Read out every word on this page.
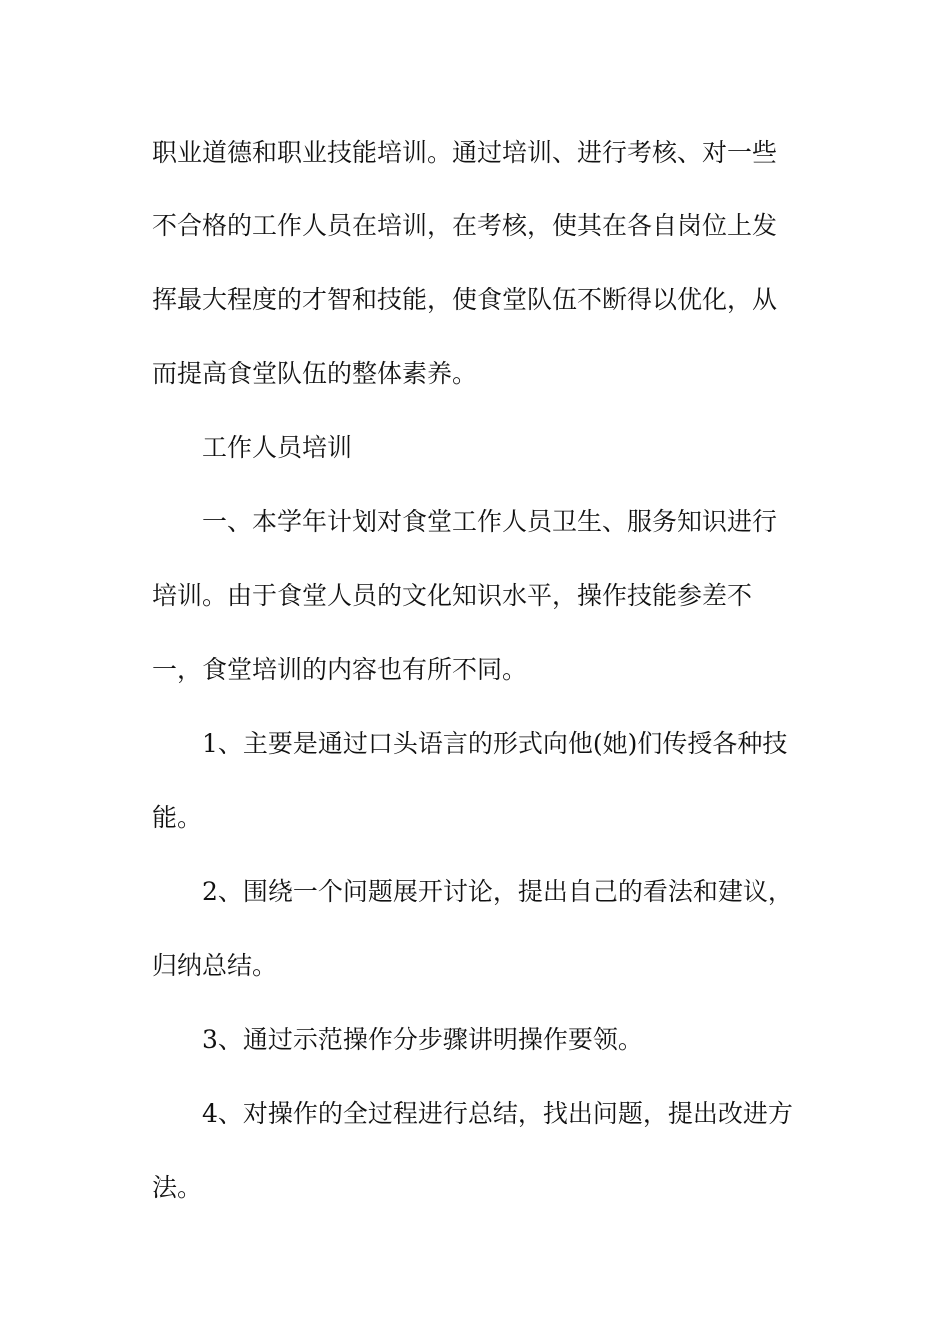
职业道德和职业技能培训。通过培训、进行考核、对一些
不合格的工作人员在培训，在考核，使其在各自岗位上发
挥最大程度的才智和技能，使食堂队伍不断得以优化，从
而提高食堂队伍的整体素养。
工作人员培训
一、本学年计划对食堂工作人员卫生、服务知识进行
培训。由于食堂人员的文化知识水平，操作技能参差不
一，食堂培训的内容也有所不同。
1、主要是通过口头语言的形式向他(她)们传授各种技
能。
2、围绕一个问题展开讨论，提出自己的看法和建议，
归纳总结。
3、通过示范操作分步骤讲明操作要领。
4、对操作的全过程进行总结，找出问题，提出改进方
法。
